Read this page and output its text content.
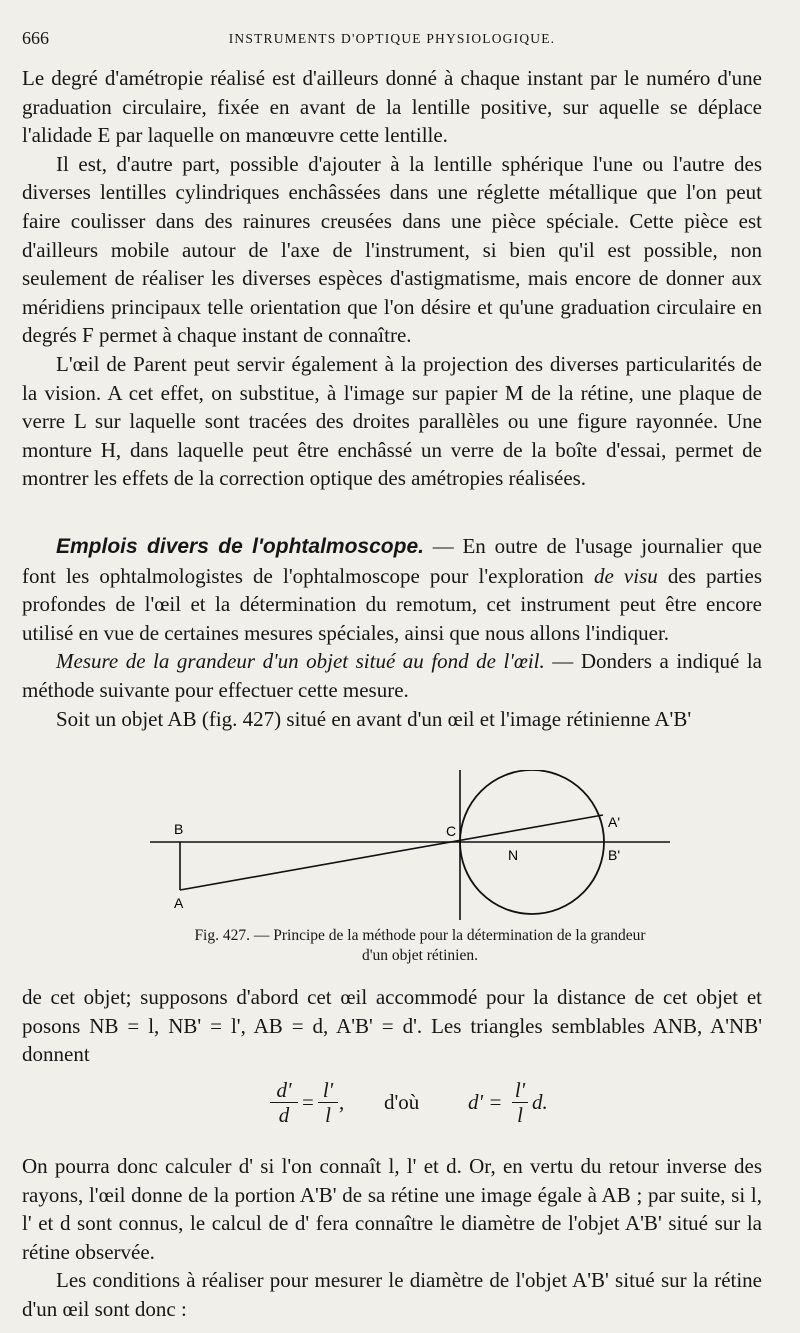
666	INSTRUMENTS D'OPTIQUE PHYSIOLOGIQUE.

Le degré d'amétropie réalisé est d'ailleurs donné à chaque instant par le numéro d'une graduation circulaire, fixée en avant de la lentille positive, sur aquelle se déplace l'alidade E par laquelle on manœuvre cette lentille.

Il est, d'autre part, possible d'ajouter à la lentille sphérique l'une ou l'autre des diverses lentilles cylindriques enchâssées dans une réglette métallique que l'on peut faire coulisser dans des rainures creusées dans une pièce spéciale. Cette pièce est d'ailleurs mobile autour de l'axe de l'instrument, si bien qu'il est possible, non seulement de réaliser les diverses espèces d'astigmatisme, mais encore de donner aux méridiens principaux telle orientation que l'on désire et qu'une graduation circulaire en degrés F permet à chaque instant de connaître.

L'œil de Parent peut servir également à la projection des diverses particularités de la vision. A cet effet, on substitue, à l'image sur papier M de la rétine, une plaque de verre L sur laquelle sont tracées des droites parallèles ou une figure rayonnée. Une monture H, dans laquelle peut être enchâssé un verre de la boîte d'essai, permet de montrer les effets de la correction optique des amétropies réalisées.

Emplois divers de l'ophtalmoscope. — En outre de l'usage journalier que font les ophtalmologistes de l'ophtalmoscope pour l'exploration de visu des parties profondes de l'œil et la détermination du remotum, cet instrument peut être encore utilisé en vue de certaines mesures spéciales, ainsi que nous allons l'indiquer.

Mesure de la grandeur d'un objet situé au fond de l'œil. — Donders a indiqué la méthode suivante pour effectuer cette mesure.

Soit un objet AB (fig. 427) situé en avant d'un œil et l'image rétinienne A'B'

B
A
C
N
A'
B'
Fig. 427. — Principe de la méthode pour la détermination de la grandeur
d'un objet rétinien.

de cet objet; supposons d'abord cet œil accommodé pour la distance de cet objet et posons NB = l, NB' = l', AB = d, A'B' = d'. Les triangles semblables ANB, A'NB' donnent

$\frac{d'}{d} = \frac{l'}{l}$ , d'où $d' = \frac{l'}{l} d$.

On pourra donc calculer d' si l'on connaît l, l' et d. Or, en vertu du retour inverse des rayons, l'œil donne de la portion A'B' de sa rétine une image égale à AB ; par suite, si l, l' et d sont connus, le calcul de d' fera connaître le diamètre de l'objet A'B' situé sur la rétine observée.

Les conditions à réaliser pour mesurer le diamètre de l'objet A'B' situé sur la rétine d'un œil sont donc :
